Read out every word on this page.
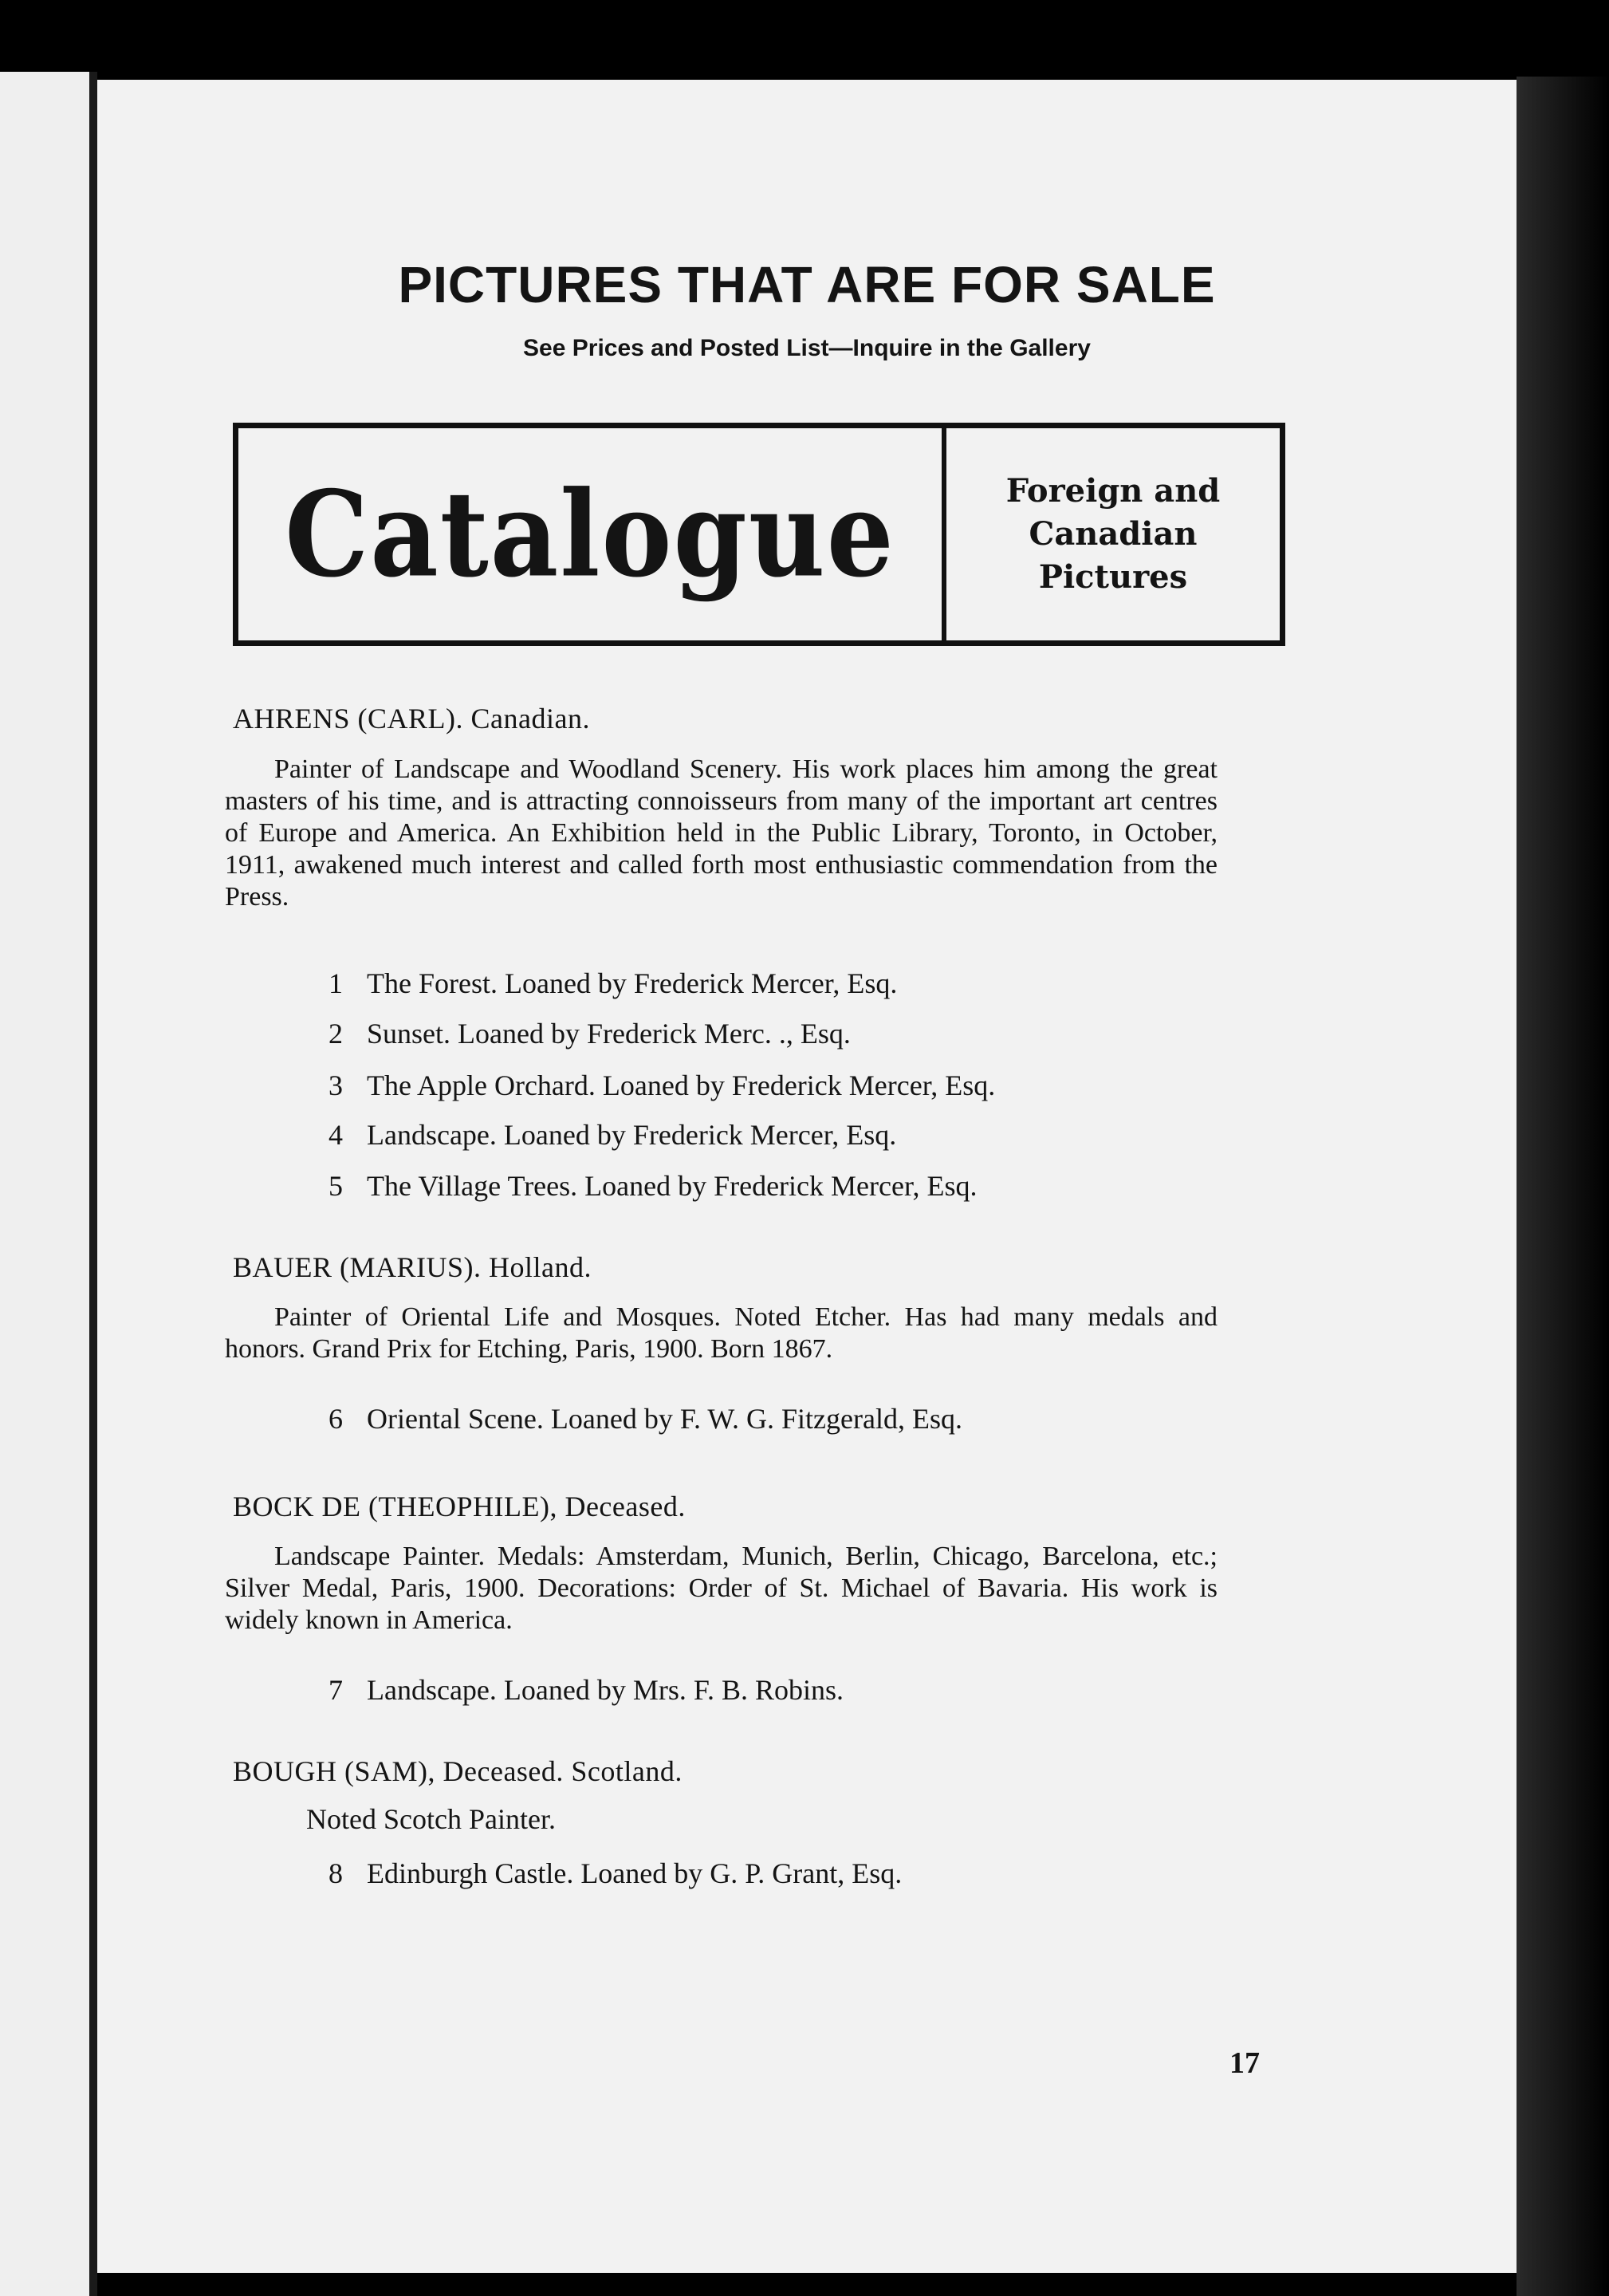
PICTURES THAT ARE FOR SALE
See Prices and Posted List—Inquire in the Gallery
Catalogue	Foreign and
Canadian
Pictures
AHRENS (CARL). Canadian.

Painter of Landscape and Woodland Scenery. His work places him among the great masters of his time, and is attracting connoisseurs from many of the important art centres of Europe and America. An Exhibition held in the Public Library, Toronto, in October, 1911, awakened much interest and called forth most enthusiastic commendation from the Press.

1 The Forest. Loaned by Frederick Mercer, Esq.
2 Sunset. Loaned by Frederick Merc. ., Esq.
3 The Apple Orchard. Loaned by Frederick Mercer, Esq.
4 Landscape. Loaned by Frederick Mercer, Esq.
5 The Village Trees. Loaned by Frederick Mercer, Esq.
BAUER (MARIUS). Holland.

Painter of Oriental Life and Mosques. Noted Etcher. Has had many medals and honors. Grand Prix for Etching, Paris, 1900. Born 1867.

6 Oriental Scene. Loaned by F. W. G. Fitzgerald, Esq.
BOCK DE (THEOPHILE), Deceased.

Landscape Painter. Medals: Amsterdam, Munich, Berlin, Chicago, Barcelona, etc.; Silver Medal, Paris, 1900. Decorations: Order of St. Michael of Bavaria. His work is widely known in America.

7 Landscape. Loaned by Mrs. F. B. Robins.
BOUGH (SAM), Deceased. Scotland.
Noted Scotch Painter.
8 Edinburgh Castle. Loaned by G. P. Grant, Esq.
17
